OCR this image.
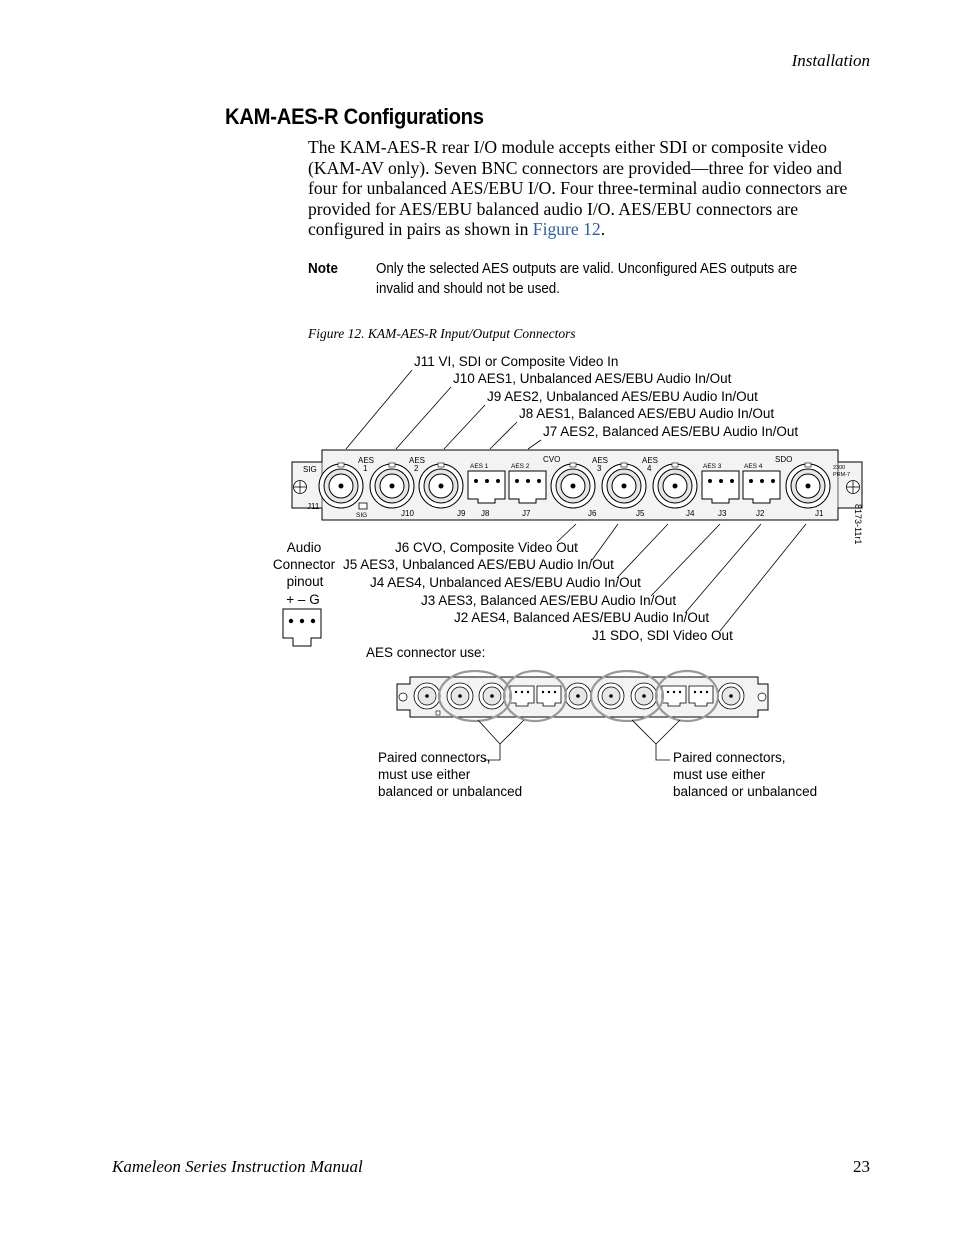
Installation
KAM-AES-R Configurations
The KAM-AES-R rear I/O module accepts either SDI or composite video (KAM-AV only). Seven BNC connectors are provided—three for video and four for unbalanced AES/EBU I/O. Four three-terminal audio connectors are provided for AES/EBU balanced audio I/O. AES/EBU connectors are configured in pairs as shown in Figure 12.
Note	Only the selected AES outputs are valid. Unconfigured AES outputs are invalid and should not be used.
Figure 12. KAM-AES-R Input/Output Connectors
J11 VI, SDI or Composite Video In
J10 AES1, Unbalanced AES/EBU Audio In/Out
J9 AES2, Unbalanced AES/EBU Audio In/Out
J8 AES1, Balanced AES/EBU Audio In/Out
J7 AES2, Balanced AES/EBU Audio In/Out
SIG
AES
1
AES
2	AES 1	AES 2
CVO	AES
3
AES
4	AES 3	AES 4
SDO
2300
PRM-7
J11
SIG	J10	J9 J8	J7	J6	J5	J4	J3	J2	J1	8173-11r1
J6 CVO, Composite Video Out
J5 AES3, Unbalanced AES/EBU Audio In/Out
J4 AES4, Unbalanced AES/EBU Audio In/Out
J3 AES3, Balanced AES/EBU Audio In/Out
J2 AES4, Balanced AES/EBU Audio In/Out
J1 SDO, SDI Video Out
Audio
Connector
pinout
+ – G
AES connector use:
Paired connectors,
must use either
balanced or unbalanced
Paired connectors,
must use either
balanced or unbalanced
Kameleon Series Instruction Manual	23
